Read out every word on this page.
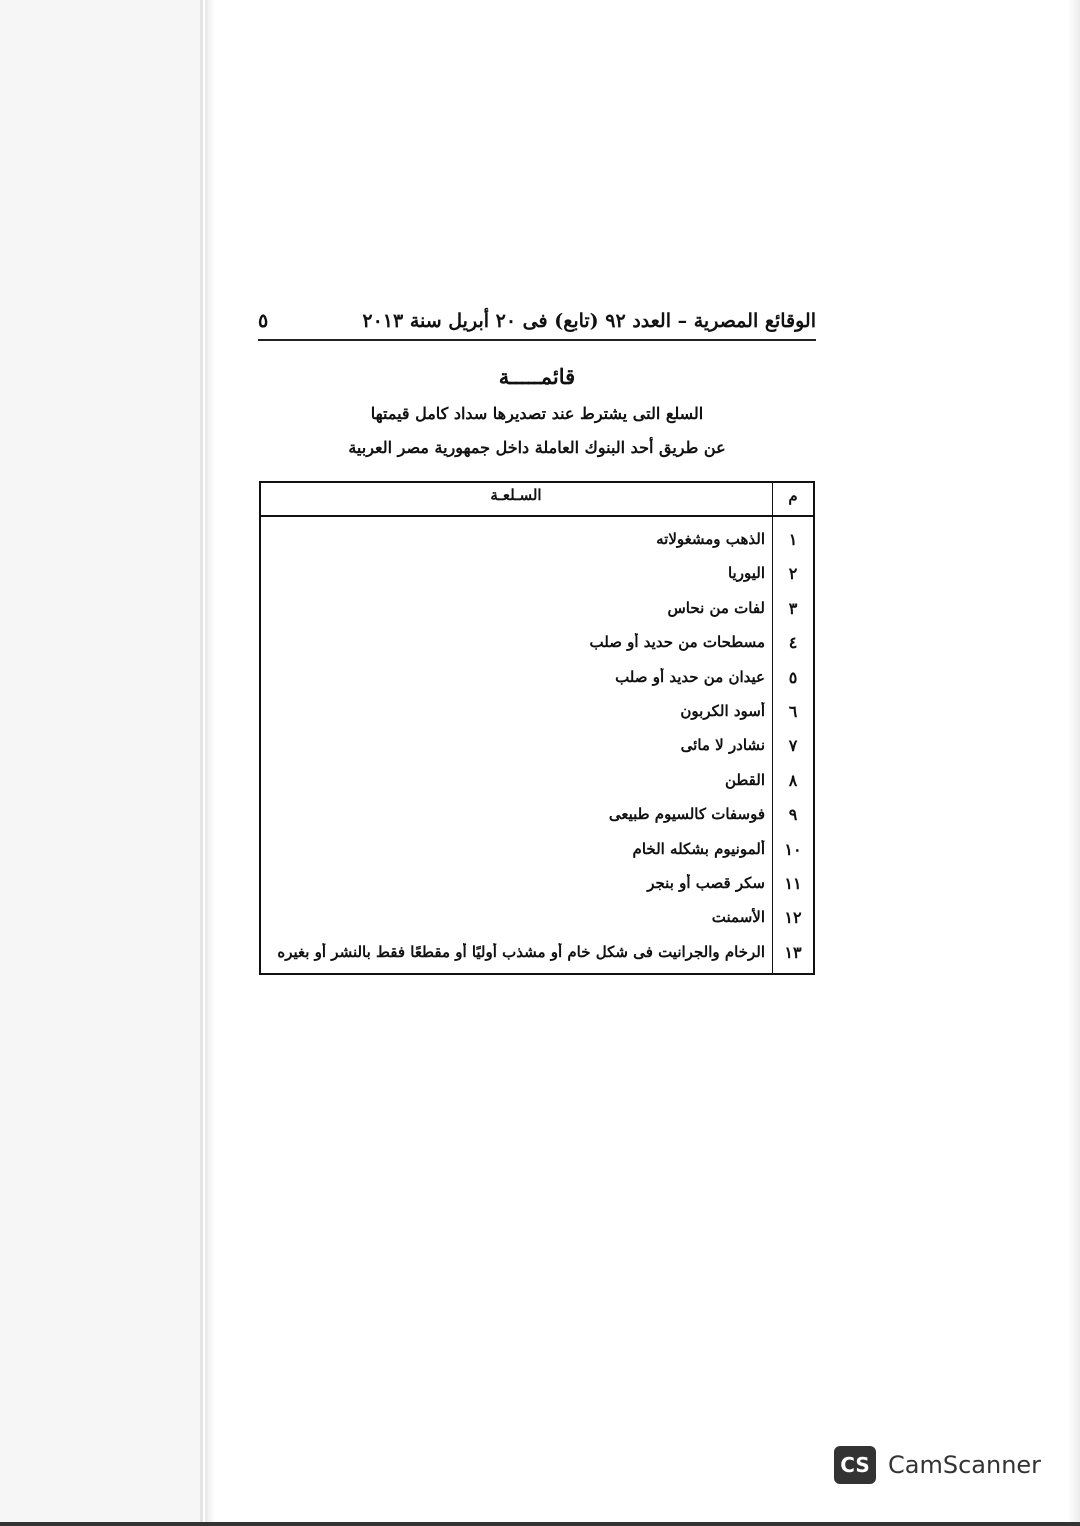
الوقائع المصرية – العدد ٩٢ (تابع) فى ٢٠ أبريل سنة ٢٠١٣
٥
قائمـــــة
السلع التى يشترط عند تصديرها سداد كامل قيمتها
عن طريق أحد البنوك العاملة داخل جمهورية مصر العربية
م
السـلعـة
١
الذهب ومشغولاته
٢
اليوريا
٣
لفات من نحاس
٤
مسطحات من حديد أو صلب
٥
عيدان من حديد أو صلب
٦
أسود الكربون
٧
نشادر لا مائى
٨
القطن
٩
فوسفات كالسيوم طبيعى
١٠
ألمونيوم بشكله الخام
١١
سكر قصب أو بنجر
١٢
الأسمنت
١٣
الرخام والجرانيت فى شكل خام أو مشذب أوليًا أو مقطعًا فقط بالنشر أو بغيره
CS CamScanner
